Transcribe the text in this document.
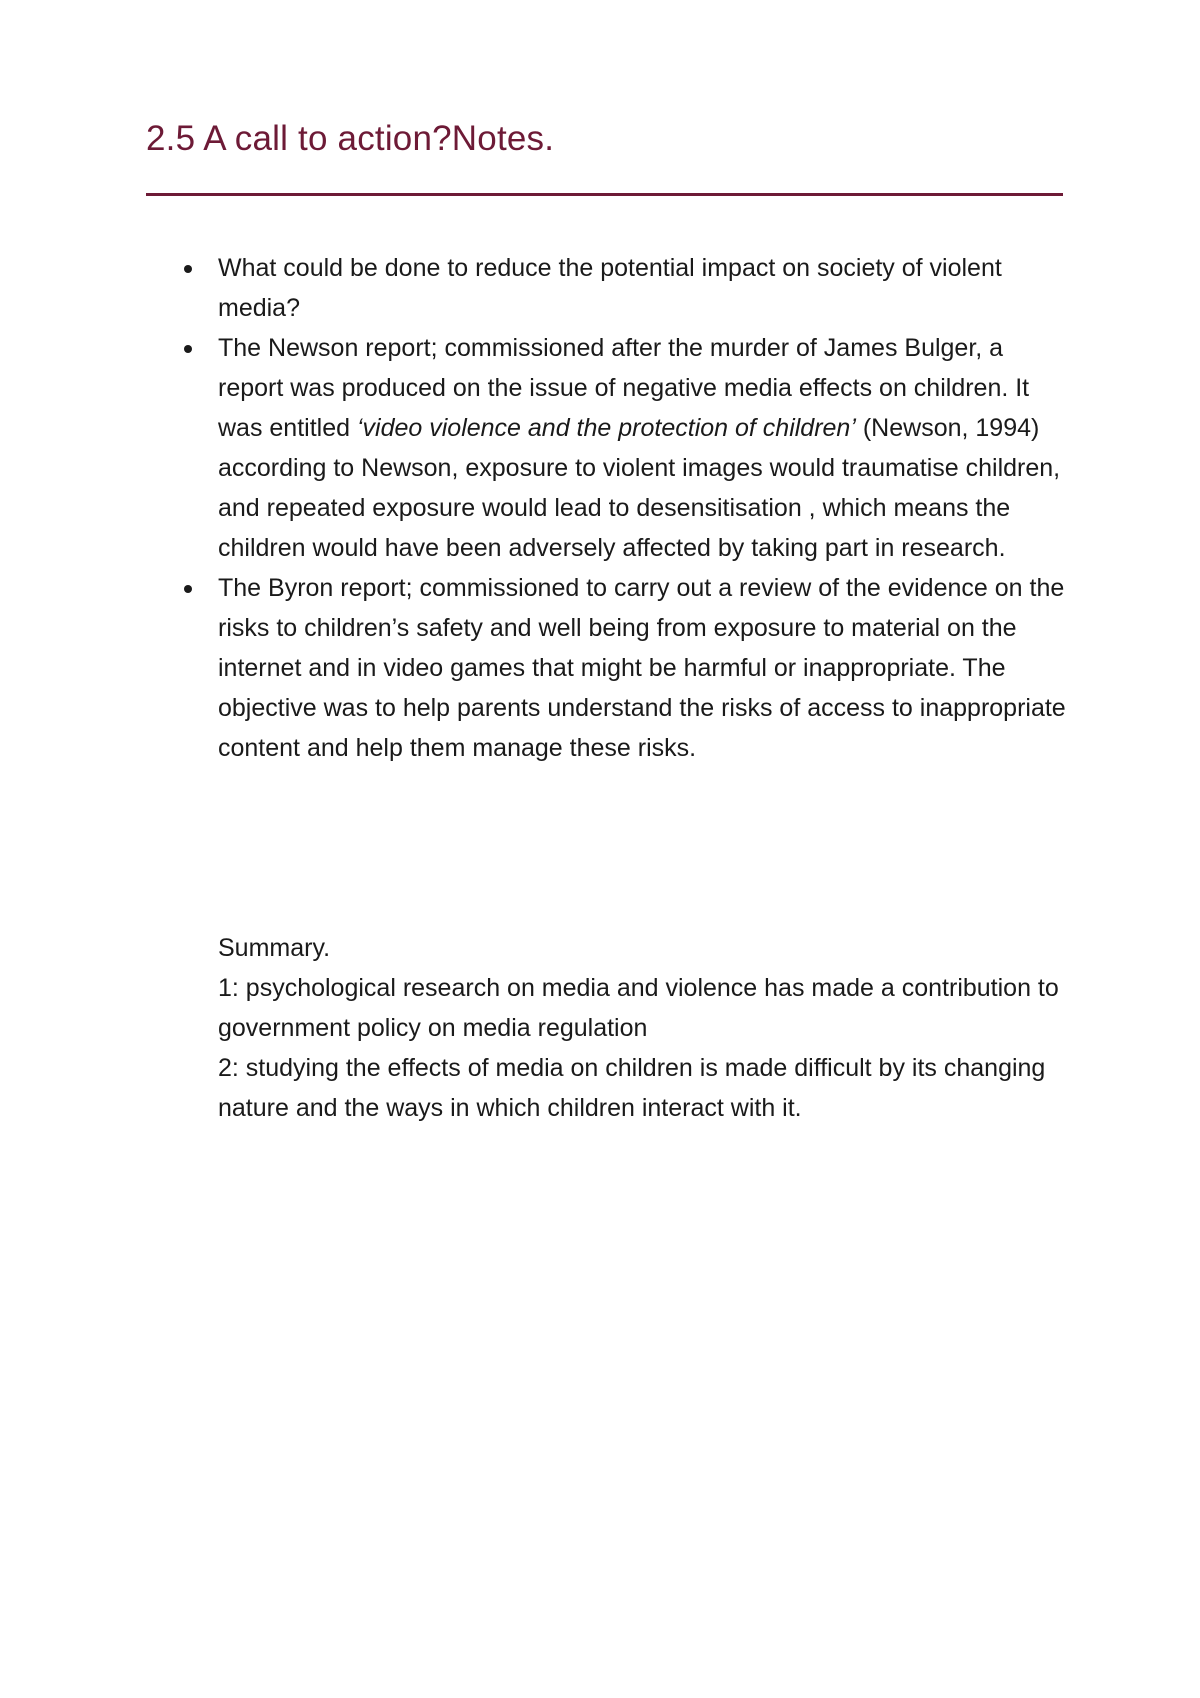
2.5 A call to action?Notes.
What could be done to reduce the potential impact on society of violent media?
The Newson report; commissioned after the murder of James Bulger, a report was produced on the issue of negative media effects on children. It was entitled ‘video violence and the protection of children’ (Newson, 1994) according to Newson, exposure to violent images would traumatise children, and repeated exposure would lead to desensitisation , which means the children would have been adversely affected by taking part in research.
The Byron report; commissioned to carry out a review of the evidence on the risks to children’s safety and well being from exposure to material on the internet and in video games that might be harmful or inappropriate. The objective was to help parents understand the risks of access to inappropriate content and help them manage these risks.

Summary.

1: psychological research on media and violence has made a contribution to government policy on media regulation

2: studying the effects of media on children is made difficult by its changing nature and the ways in which children interact with it.
